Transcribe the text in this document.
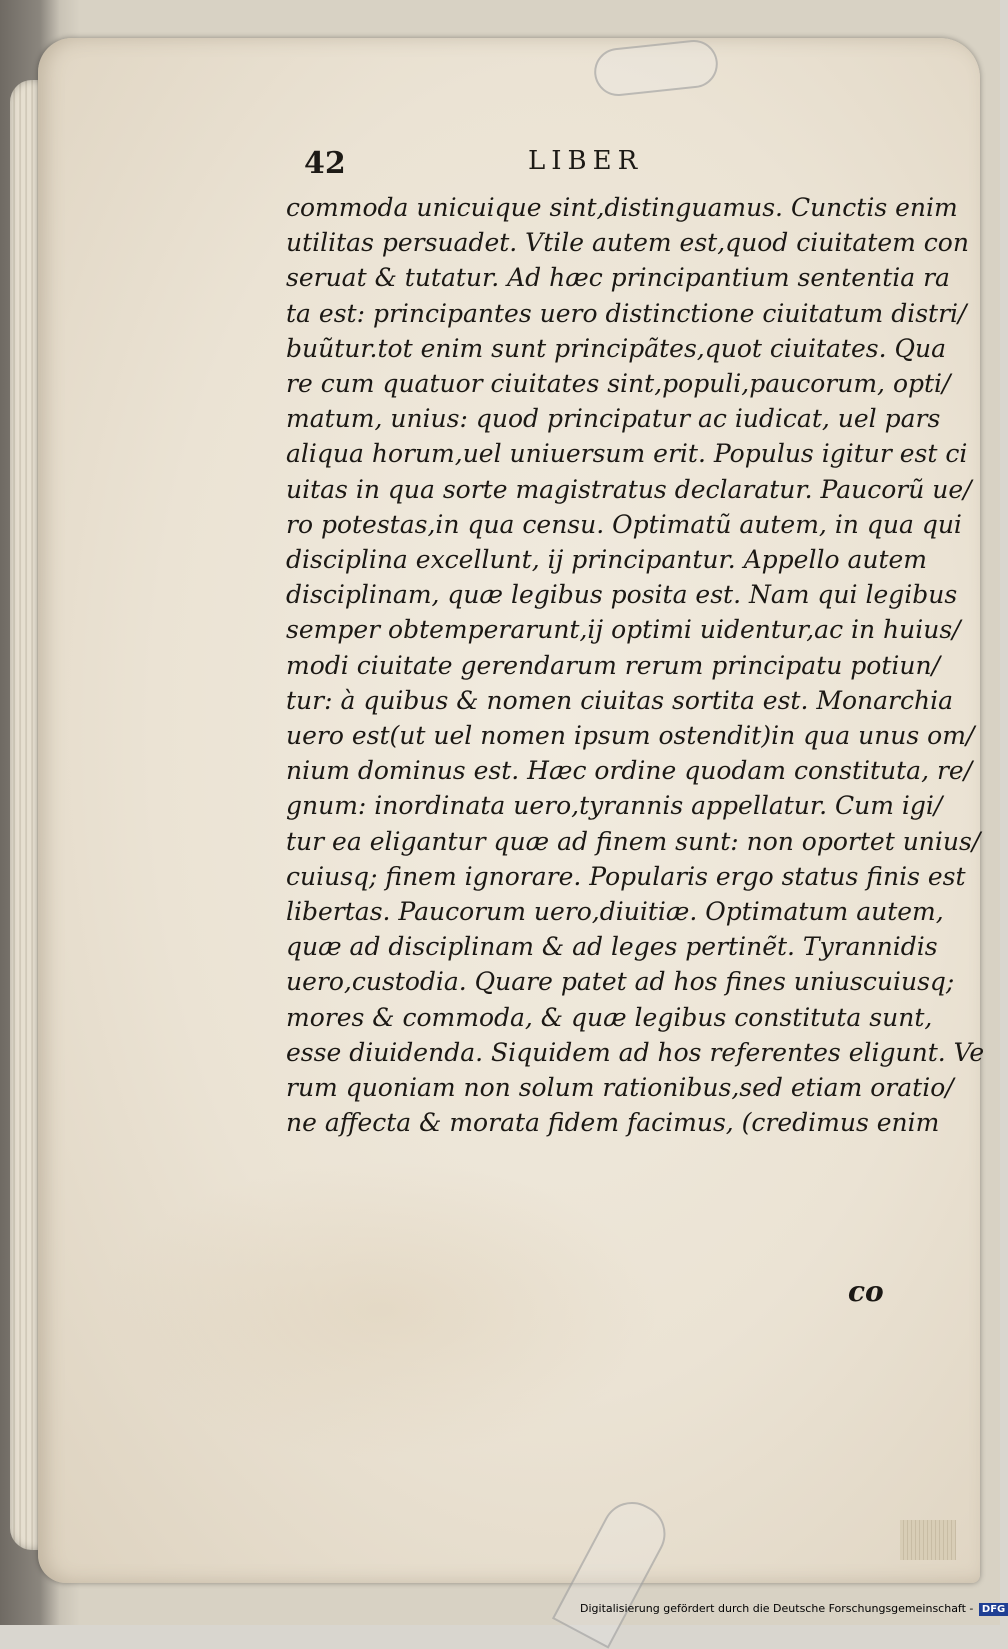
42	LIBER
commoda unicuique sint,distinguamus. Cunctis enim
utilitas persuadet. Vtile autem est,quod ciuitatem con
seruat & tutatur. Ad hæc principantium sententia ra
ta est: principantes uero distinctione ciuitatum distri/
buũtur.tot enim sunt principãtes,quot ciuitates. Qua
re cum quatuor ciuitates sint,populi,paucorum, opti/
matum, unius: quod principatur ac iudicat, uel pars
aliqua horum,uel uniuersum erit. Populus igitur est ci
uitas in qua sorte magistratus declaratur. Paucorũ ue/
ro potestas,in qua censu. Optimatũ autem, in qua qui
disciplina excellunt, ij principantur. Appello autem
disciplinam, quæ legibus posita est. Nam qui legibus
semper obtemperarunt,ij optimi uidentur,ac in huius/
modi ciuitate gerendarum rerum principatu potiun/
tur: à quibus & nomen ciuitas sortita est. Monarchia
uero est(ut uel nomen ipsum ostendit)in qua unus om/
nium dominus est. Hæc ordine quodam constituta, re/
gnum: inordinata uero,tyrannis appellatur. Cum igi/
tur ea eligantur quæ ad finem sunt: non oportet unius/
cuiusq; finem ignorare. Popularis ergo status finis est
libertas. Paucorum uero,diuitiæ. Optimatum autem,
quæ ad disciplinam & ad leges pertinẽt. Tyrannidis
uero,custodia. Quare patet ad hos fines uniuscuiusq;
mores & commoda, & quæ legibus constituta sunt,
esse diuidenda. Siquidem ad hos referentes eligunt. Ve
rum quoniam non solum rationibus,sed etiam oratio/
ne affecta & morata fidem facimus, (credimus enim
co
Digitalisierung gefördert durch die Deutsche Forschungsgemeinschaft - DFG
